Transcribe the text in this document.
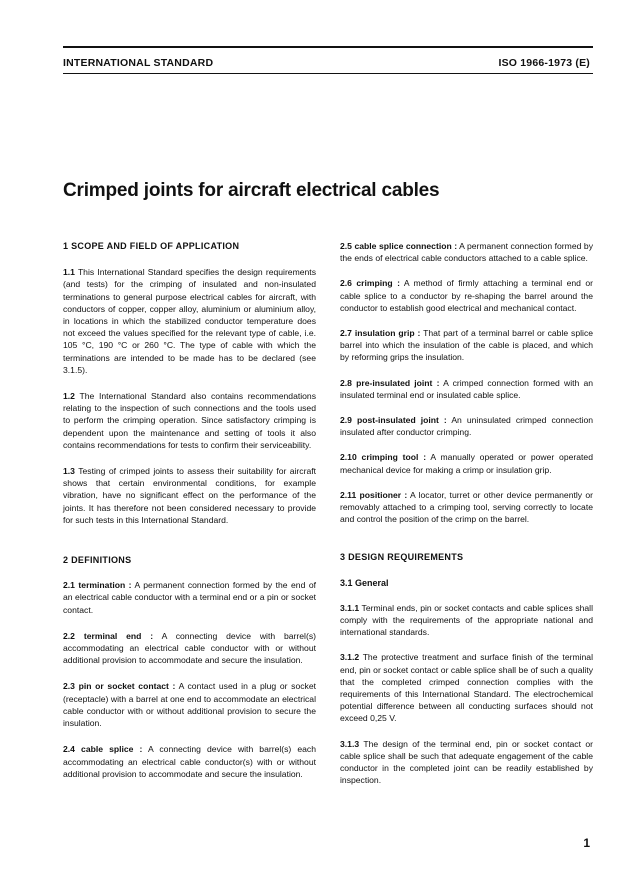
INTERNATIONAL STANDARD	ISO 1966-1973 (E)
Crimped joints for aircraft electrical cables

1 SCOPE AND FIELD OF APPLICATION

1.1 This International Standard specifies the design requirements (and tests) for the crimping of insulated and non-insulated terminations to general purpose electrical cables for aircraft, with conductors of copper, copper alloy, aluminium or aluminium alloy, in locations in which the stabilized conductor temperature does not exceed the values specified for the relevant type of cable, i.e. 105 °C, 190 °C or 260 °C. The type of cable with which the terminations are intended to be made has to be declared (see 3.1.5).

1.2 The International Standard also contains recommendations relating to the inspection of such connections and the tools used to perform the crimping operation. Since satisfactory crimping is dependent upon the maintenance and setting of tools it also contains recommendations for tests to confirm their serviceability.

1.3 Testing of crimped joints to assess their suitability for aircraft shows that certain environmental conditions, for example vibration, have no significant effect on the performance of the joints. It has therefore not been considered necessary to provide for such tests in this International Standard.

2 DEFINITIONS

2.1 termination : A permanent connection formed by the end of an electrical cable conductor with a terminal end or a pin or socket contact.

2.2 terminal end : A connecting device with barrel(s) accommodating an electrical cable conductor with or without additional provision to accommodate and secure the insulation.

2.3 pin or socket contact : A contact used in a plug or socket (receptacle) with a barrel at one end to accommodate an electrical cable conductor with or without additional provision to secure the insulation.

2.4 cable splice : A connecting device with barrel(s) each accommodating an electrical cable conductor(s) with or without additional provision to accommodate and secure the insulation.

2.5 cable splice connection : A permanent connection formed by the ends of electrical cable conductors attached to a cable splice.

2.6 crimping : A method of firmly attaching a terminal end or cable splice to a conductor by re-shaping the barrel around the conductor to establish good electrical and mechanical contact.

2.7 insulation grip : That part of a terminal barrel or cable splice barrel into which the insulation of the cable is placed, and which by reforming grips the insulation.

2.8 pre-insulated joint : A crimped connection formed with an insulated terminal end or insulated cable splice.

2.9 post-insulated joint : An uninsulated crimped connection insulated after conductor crimping.

2.10 crimping tool : A manually operated or power operated mechanical device for making a crimp or insulation grip.

2.11 positioner : A locator, turret or other device permanently or removably attached to a crimping tool, serving correctly to locate and control the position of the crimp on the barrel.

3 DESIGN REQUIREMENTS

3.1 General

3.1.1 Terminal ends, pin or socket contacts and cable splices shall comply with the requirements of the appropriate national and international standards.

3.1.2 The protective treatment and surface finish of the terminal end, pin or socket contact or cable splice shall be of such a quality that the completed crimped connection complies with the requirements of this International Standard. The electrochemical potential difference between all conducting surfaces should not exceed 0,25 V.

3.1.3 The design of the terminal end, pin or socket contact or cable splice shall be such that adequate engagement of the cable conductor in the completed joint can be readily established by inspection.

1
